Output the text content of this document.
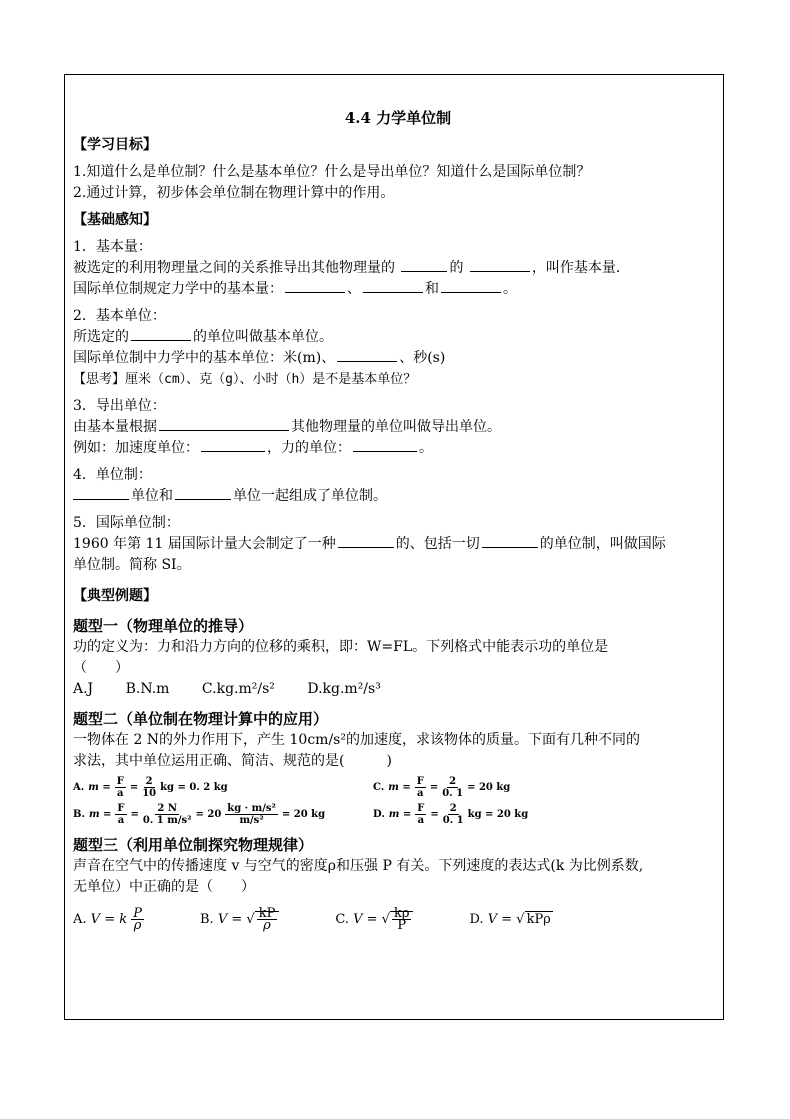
4.4 力学单位制
【学习目标】
1.知道什么是单位制？什么是基本单位？什么是导出单位？知道什么是国际单位制？
2.通过计算，初步体会单位制在物理计算中的作用。
【基础感知】
1．基本量：
被选定的利用物理量之间的关系推导出其他物理量的	的	，叫作基本量.
国际单位制规定力学中的基本量：	、	和	。
2．基本单位：
所选定的	的单位叫做基本单位。
国际单位制中力学中的基本单位：米(m)、	、秒(s)
【思考】厘米（cm）、克（g）、小时（h）是不是基本单位？
3．导出单位：
由基本量根据	其他物理量的单位叫做导出单位。
例如：加速度单位：	，力的单位：	。
4．单位制：
单位和	单位一起组成了单位制。
5．国际单位制：
1960 年第 11 届国际计量大会制定了一种	的、包括一切	的单位制，叫做国际
单位制。简称 SI。
【典型例题】
题型一（物理单位的推导）
功的定义为：力和沿力方向的位移的乘积，即：W=FL。下列格式中能表示功的单位是
（　　）
A.J B.N.m C.kg.m²/s² D.kg.m²/s³
题型二（单位制在物理计算中的应用）
一物体在 2 N的外力作用下，产生 10cm/s²的加速度，求该物体的质量。下面有几种不同的
求法，其中单位运用正确、简洁、规范的是(　　　)
A. $m = \frac{F}{a} = \frac{2}{10}$ kg = 0. 2 kg	C. $m = \frac{F}{a} = \frac{2}{0. 1} = 20$ kg
B. $m = \frac{F}{a} = \frac{2 N}{\text{0. 1 m/s²}} = 20 \frac{\text{kg · m/s²}}{\text{m/s²}} = 20$ kg	D. $m = \frac{F}{a} = \frac{2}{0. 1}$ kg = 20 kg
题型三（利用单位制探究物理规律）
声音在空气中的传播速度 v 与空气的密度ρ和压强 P 有关。下列速度的表达式(k 为比例系数,
无单位）中正确的是（　　）
A. V = k $\frac{P}{\rho}$	B. V = √ $\frac{kP}{\rho}$	C. V = √ $\frac{k\rho}{P}$	D. V = √ kPρ
